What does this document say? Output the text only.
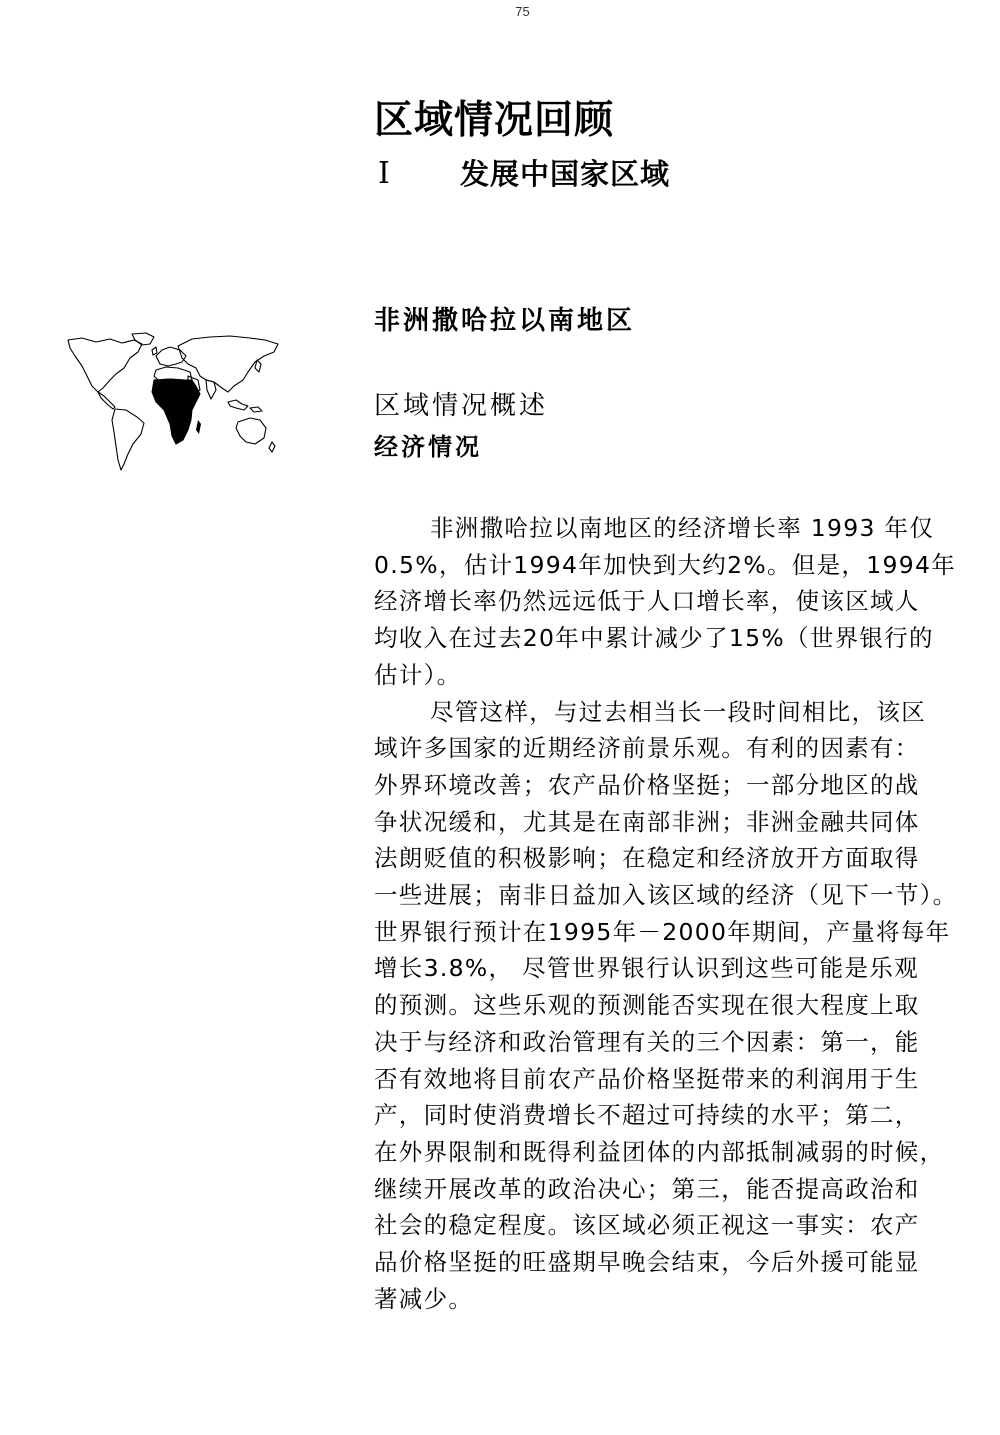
75
区域情况回顾
I 发展中国家区域
非洲撒哈拉以南地区
区域情况概述
经济情况

非洲撒哈拉以南地区的经济增长率 1993 年仅
0.5%，估计1994年加快到大约2%。但是，1994年
经济增长率仍然远远低于人口增长率，使该区域人
均收入在过去20年中累计减少了15%（世界银行的
估计）。

尽管这样，与过去相当长一段时间相比，该区
域许多国家的近期经济前景乐观。有利的因素有：
外界环境改善；农产品价格坚挺；一部分地区的战
争状况缓和，尤其是在南部非洲；非洲金融共同体
法朗贬值的积极影响；在稳定和经济放开方面取得
一些进展；南非日益加入该区域的经济（见下一节）。
世界银行预计在1995年－2000年期间，产量将每年
增长3.8%， 尽管世界银行认识到这些可能是乐观
的预测。这些乐观的预测能否实现在很大程度上取
决于与经济和政治管理有关的三个因素：第一，能
否有效地将目前农产品价格坚挺带来的利润用于生
产，同时使消费增长不超过可持续的水平；第二，
在外界限制和既得利益团体的内部抵制减弱的时候，
继续开展改革的政治决心；第三，能否提高政治和
社会的稳定程度。该区域必须正视这一事实：农产
品价格坚挺的旺盛期早晚会结束，今后外援可能显
著减少。
